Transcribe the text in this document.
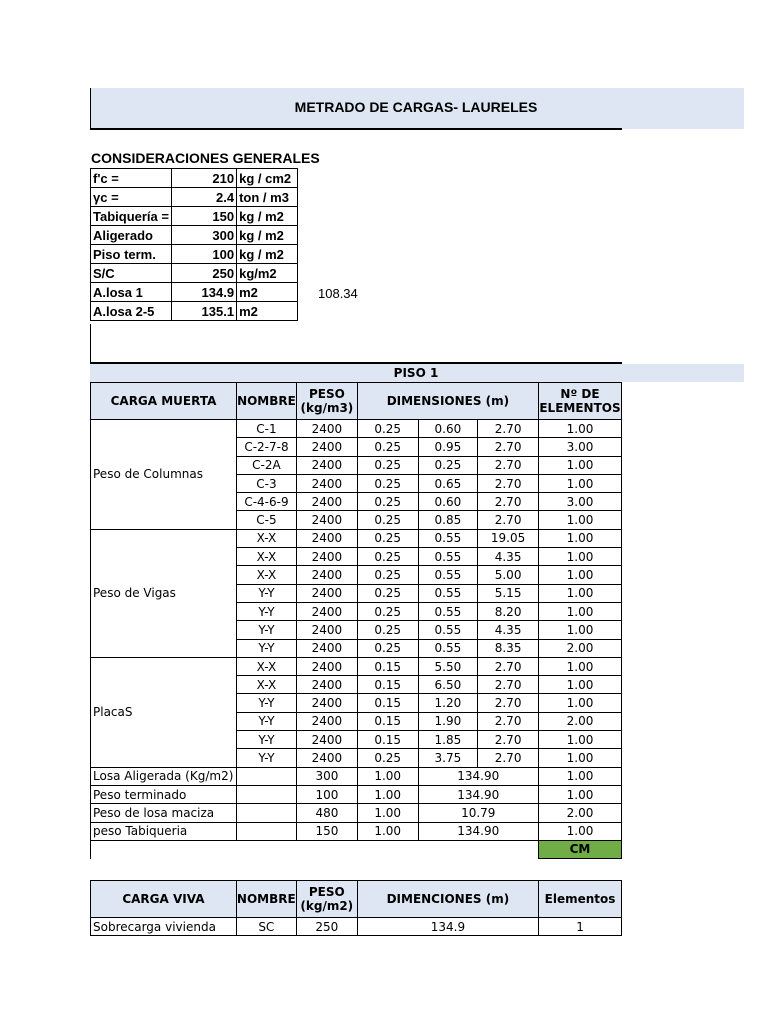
METRADO DE CARGAS- LAURELES
CONSIDERACIONES GENERALES
f'c =	210	kg / cm2
γc =	2.4	ton / m3
Tabiquería =	150	kg / m2
Aligerado	300	kg / m2
Piso term.	100	kg / m2
S/C	250	kg/m2
A.losa 1	134.9	m2
A.losa 2-5	135.1	m2
108.34
PISO 1
CARGA MUERTA	NOMBRE	PESO (kg/m3)	DIMENSIONES (m)			Nº DE ELEMENTOS
Peso de Columnas	C-1	2400	0.25	0.60	2.70	1.00
	C-2-7-8	2400	0.25	0.95	2.70	3.00
	C-2A	2400	0.25	0.25	2.70	1.00
	C-3	2400	0.25	0.65	2.70	1.00
	C-4-6-9	2400	0.25	0.60	2.70	3.00
	C-5	2400	0.25	0.85	2.70	1.00
Peso de Vigas	X-X	2400	0.25	0.55	19.05	1.00
	X-X	2400	0.25	0.55	4.35	1.00
	X-X	2400	0.25	0.55	5.00	1.00
	Y-Y	2400	0.25	0.55	5.15	1.00
	Y-Y	2400	0.25	0.55	8.20	1.00
	Y-Y	2400	0.25	0.55	4.35	1.00
	Y-Y	2400	0.25	0.55	8.35	2.00
PlacaS	X-X	2400	0.15	5.50	2.70	1.00
	X-X	2400	0.15	6.50	2.70	1.00
	Y-Y	2400	0.15	1.20	2.70	1.00
	Y-Y	2400	0.15	1.90	2.70	2.00
	Y-Y	2400	0.15	1.85	2.70	1.00
	Y-Y	2400	0.25	3.75	2.70	1.00
Losa Aligerada (Kg/m2)		300	1.00	134.90		1.00
Peso terminado		100	1.00	134.90		1.00
Peso de losa maciza		480	1.00	10.79		2.00
peso Tabiqueria		150	1.00	134.90		1.00
						CM
CARGA VIVA	NOMBRE	PESO (kg/m2)	DIMENCIONES (m)	Elementos
Sobrecarga vivienda	SC	250	134.9	1
